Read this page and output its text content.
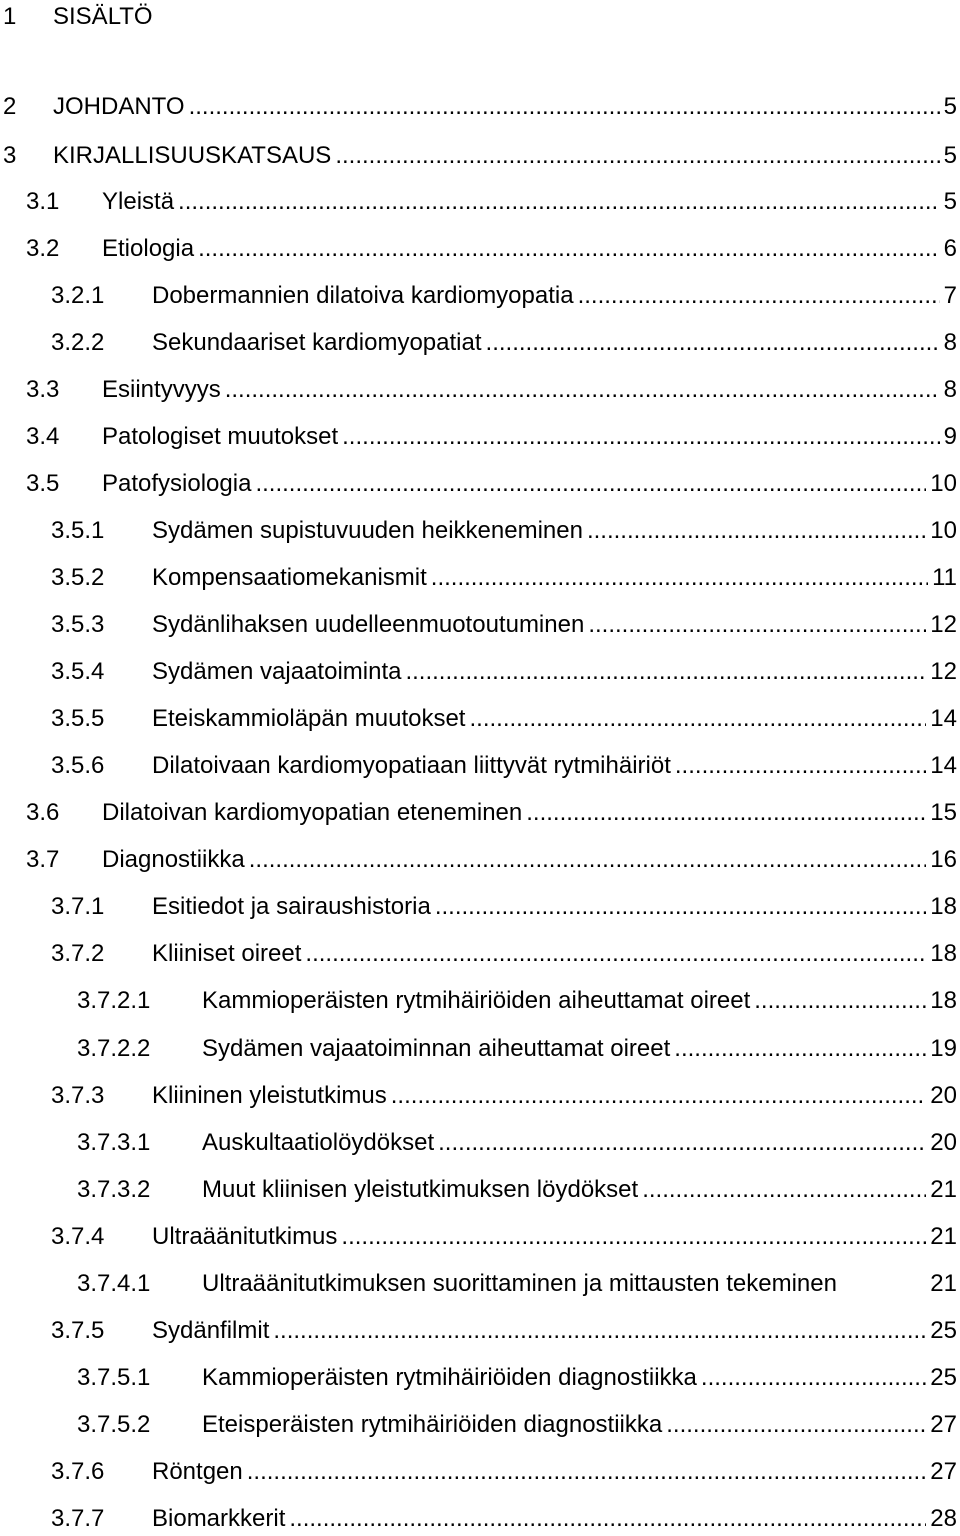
1 SISÄLTÖ
2	JOHDANTO .....	5
3	KIRJALLISUUSKATSAUS .....	5
3.1	Yleistä .....	5
3.2	Etiologia .....	6
3.2.1	Dobermannien dilatoiva kardiomyopatia .....	7
3.2.2	Sekundaariset kardiomyopatiat .....	8
3.3	Esiintyvyys .....	8
3.4	Patologiset muutokset .....	9
3.5	Patofysiologia .....	10
3.5.1	Sydämen supistuvuuden heikkeneminen .....	10
3.5.2	Kompensaatiomekanismit .....	11
3.5.3	Sydänlihaksen uudelleenmuotoutuminen .....	12
3.5.4	Sydämen vajaatoiminta .....	12
3.5.5	Eteiskammioläpän muutokset .....	14
3.5.6	Dilatoivaan kardiomyopatiaan liittyvät rytmihäiriöt .....	14
3.6	Dilatoivan kardiomyopatian eteneminen .....	15
3.7	Diagnostiikka .....	16
3.7.1	Esitiedot ja sairaushistoria .....	18
3.7.2	Kliiniset oireet .....	18
3.7.2.1	Kammioperäisten rytmihäiriöiden aiheuttamat oireet .....	18
3.7.2.2	Sydämen vajaatoiminnan aiheuttamat oireet .....	19
3.7.3	Kliininen yleistutkimus .....	20
3.7.3.1	Auskultaatiolöydökset .....	20
3.7.3.2	Muut kliinisen yleistutkimuksen löydökset .....	21
3.7.4	Ultraäänitutkimus .....	21
3.7.4.1	Ultraäänitutkimuksen suorittaminen ja mittausten tekeminen	21
3.7.5	Sydänfilmit .....	25
3.7.5.1	Kammioperäisten rytmihäiriöiden diagnostiikka .....	25
3.7.5.2	Eteisperäisten rytmihäiriöiden diagnostiikka .....	27
3.7.6	Röntgen .....	27
3.7.7	Biomarkkerit .....	28
